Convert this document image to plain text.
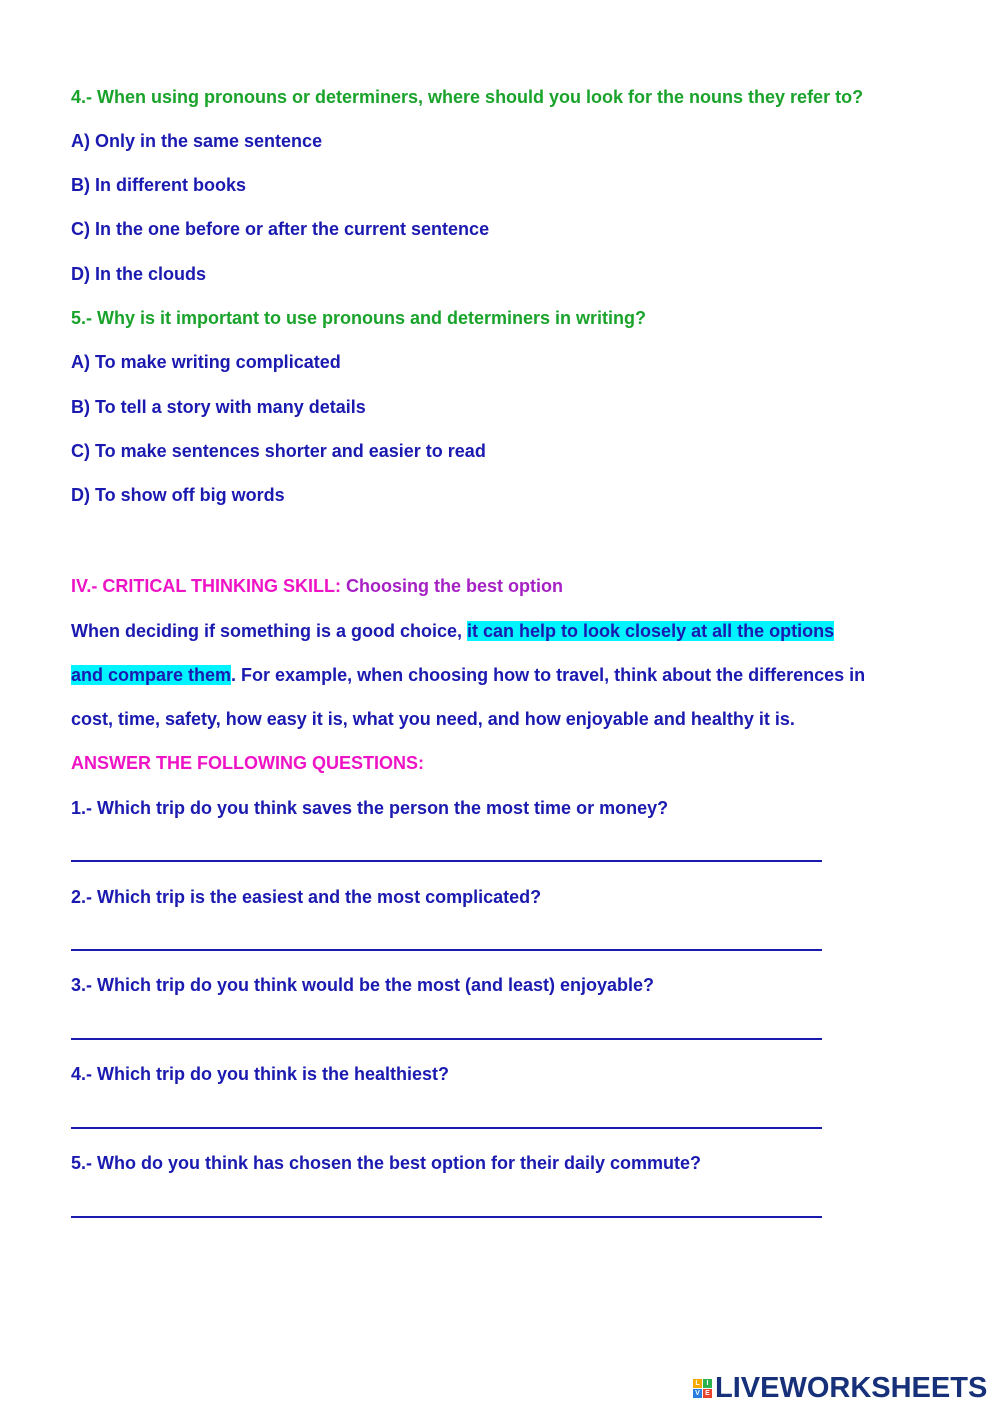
4.- When using pronouns or determiners, where should you look for the nouns they refer to?
A) Only in the same sentence
B) In different books
C) In the one before or after the current sentence
D) In the clouds
5.- Why is it important to use pronouns and determiners in writing?
A) To make writing complicated
B) To tell a story with many details
C) To make sentences shorter and easier to read
D) To show off big words
IV.- CRITICAL THINKING SKILL: Choosing the best option
When deciding if something is a good choice, it can help to look closely at all the options
and compare them. For example, when choosing how to travel, think about the differences in
cost, time, safety, how easy it is, what you need, and how enjoyable and healthy it is.
ANSWER THE FOLLOWING QUESTIONS:
1.- Which trip do you think saves the person the most time or money?
2.- Which trip is the easiest and the most complicated?
3.- Which trip do you think would be the most (and least) enjoyable?
4.- Which trip do you think is the healthiest?
5.- Who do you think has chosen the best option for their daily commute?
L I
V E LIVEWORKSHEETS
